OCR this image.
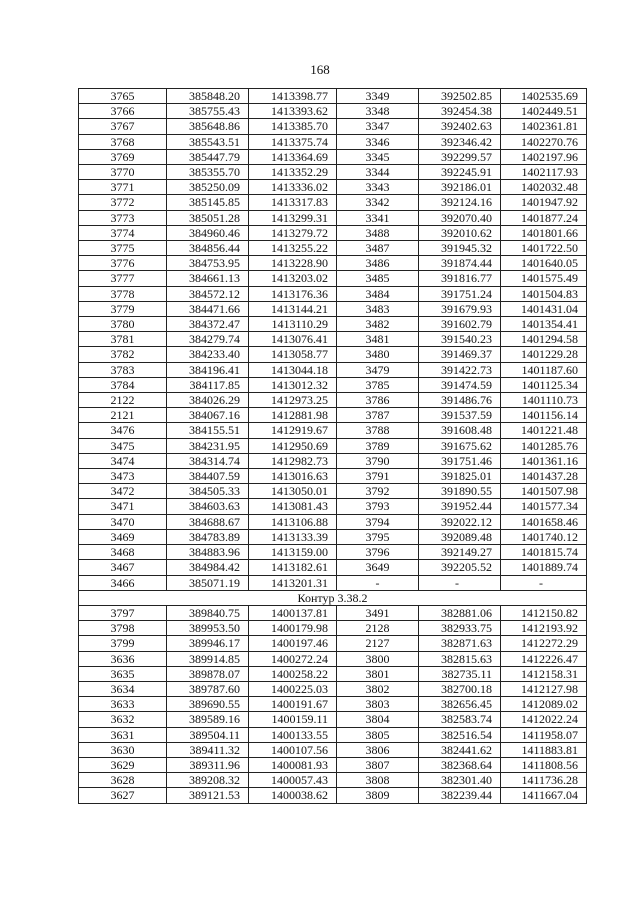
168
3765	385848.20	1413398.77	3349	392502.85	1402535.69
3766	385755.43	1413393.62	3348	392454.38	1402449.51
3767	385648.86	1413385.70	3347	392402.63	1402361.81
3768	385543.51	1413375.74	3346	392346.42	1402270.76
3769	385447.79	1413364.69	3345	392299.57	1402197.96
3770	385355.70	1413352.29	3344	392245.91	1402117.93
3771	385250.09	1413336.02	3343	392186.01	1402032.48
3772	385145.85	1413317.83	3342	392124.16	1401947.92
3773	385051.28	1413299.31	3341	392070.40	1401877.24
3774	384960.46	1413279.72	3488	392010.62	1401801.66
3775	384856.44	1413255.22	3487	391945.32	1401722.50
3776	384753.95	1413228.90	3486	391874.44	1401640.05
3777	384661.13	1413203.02	3485	391816.77	1401575.49
3778	384572.12	1413176.36	3484	391751.24	1401504.83
3779	384471.66	1413144.21	3483	391679.93	1401431.04
3780	384372.47	1413110.29	3482	391602.79	1401354.41
3781	384279.74	1413076.41	3481	391540.23	1401294.58
3782	384233.40	1413058.77	3480	391469.37	1401229.28
3783	384196.41	1413044.18	3479	391422.73	1401187.60
3784	384117.85	1413012.32	3785	391474.59	1401125.34
2122	384026.29	1412973.25	3786	391486.76	1401110.73
2121	384067.16	1412881.98	3787	391537.59	1401156.14
3476	384155.51	1412919.67	3788	391608.48	1401221.48
3475	384231.95	1412950.69	3789	391675.62	1401285.76
3474	384314.74	1412982.73	3790	391751.46	1401361.16
3473	384407.59	1413016.63	3791	391825.01	1401437.28
3472	384505.33	1413050.01	3792	391890.55	1401507.98
3471	384603.63	1413081.43	3793	391952.44	1401577.34
3470	384688.67	1413106.88	3794	392022.12	1401658.46
3469	384783.89	1413133.39	3795	392089.48	1401740.12
3468	384883.96	1413159.00	3796	392149.27	1401815.74
3467	384984.42	1413182.61	3649	392205.52	1401889.74
3466	385071.19	1413201.31	-	-	-
Контур 3.38.2					
3797	389840.75	1400137.81	3491	382881.06	1412150.82
3798	389953.50	1400179.98	2128	382933.75	1412193.92
3799	389946.17	1400197.46	2127	382871.63	1412272.29
3636	389914.85	1400272.24	3800	382815.63	1412226.47
3635	389878.07	1400258.22	3801	382735.11	1412158.31
3634	389787.60	1400225.03	3802	382700.18	1412127.98
3633	389690.55	1400191.67	3803	382656.45	1412089.02
3632	389589.16	1400159.11	3804	382583.74	1412022.24
3631	389504.11	1400133.55	3805	382516.54	1411958.07
3630	389411.32	1400107.56	3806	382441.62	1411883.81
3629	389311.96	1400081.93	3807	382368.64	1411808.56
3628	389208.32	1400057.43	3808	382301.40	1411736.28
3627	389121.53	1400038.62	3809	382239.44	1411667.04
